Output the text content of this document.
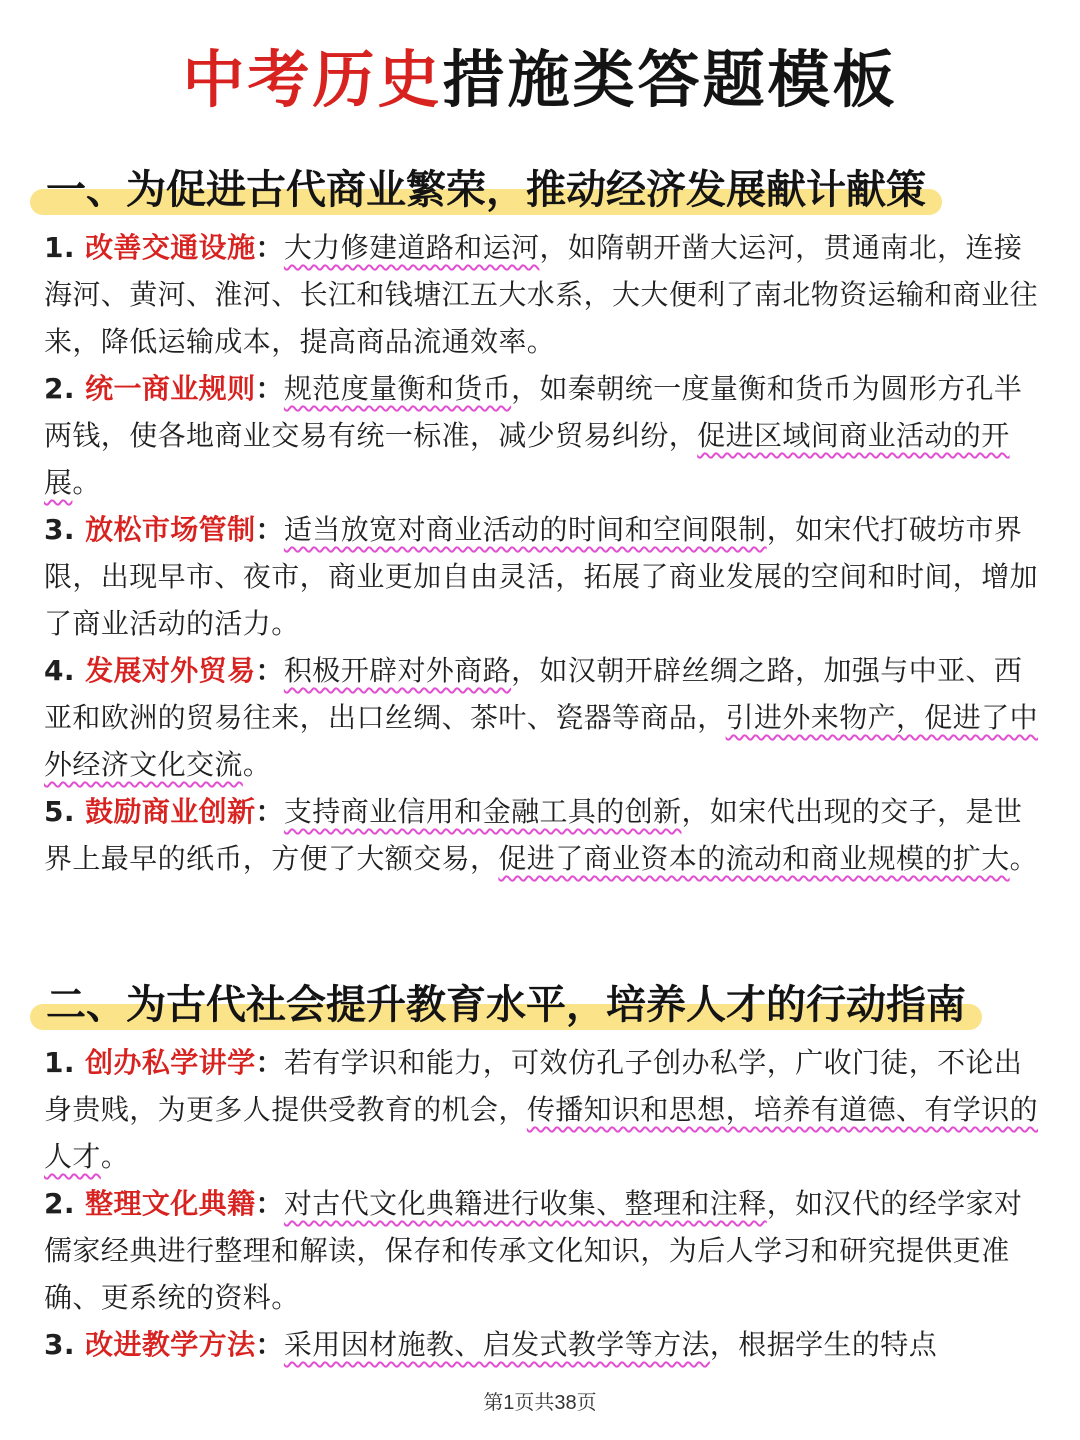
中考历史措施类答题模板
一、为促进古代商业繁荣，推动经济发展献计献策
1. 改善交通设施：大力修建道路和运河，如隋朝开凿大运河，贯通南北，连接海河、黄河、淮河、长江和钱塘江五大水系，大大便利了南北物资运输和商业往来，降低运输成本，提高商品流通效率。
2. 统一商业规则：规范度量衡和货币，如秦朝统一度量衡和货币为圆形方孔半两钱，使各地商业交易有统一标准，减少贸易纠纷，促进区域间商业活动的开展。
3. 放松市场管制：适当放宽对商业活动的时间和空间限制，如宋代打破坊市界限，出现早市、夜市，商业更加自由灵活，拓展了商业发展的空间和时间，增加了商业活动的活力。
4. 发展对外贸易：积极开辟对外商路，如汉朝开辟丝绸之路，加强与中亚、西亚和欧洲的贸易往来，出口丝绸、茶叶、瓷器等商品，引进外来物产，促进了中外经济文化交流。
5. 鼓励商业创新：支持商业信用和金融工具的创新，如宋代出现的交子，是世界上最早的纸币，方便了大额交易，促进了商业资本的流动和商业规模的扩大。
二、为古代社会提升教育水平，培养人才的行动指南
1. 创办私学讲学：若有学识和能力，可效仿孔子创办私学，广收门徒，不论出身贵贱，为更多人提供受教育的机会，传播知识和思想，培养有道德、有学识的人才。
2. 整理文化典籍：对古代文化典籍进行收集、整理和注释，如汉代的经学家对儒家经典进行整理和解读，保存和传承文化知识，为后人学习和研究提供更准确、更系统的资料。
3. 改进教学方法：采用因材施教、启发式教学等方法，根据学生的特点
第1页共38页
